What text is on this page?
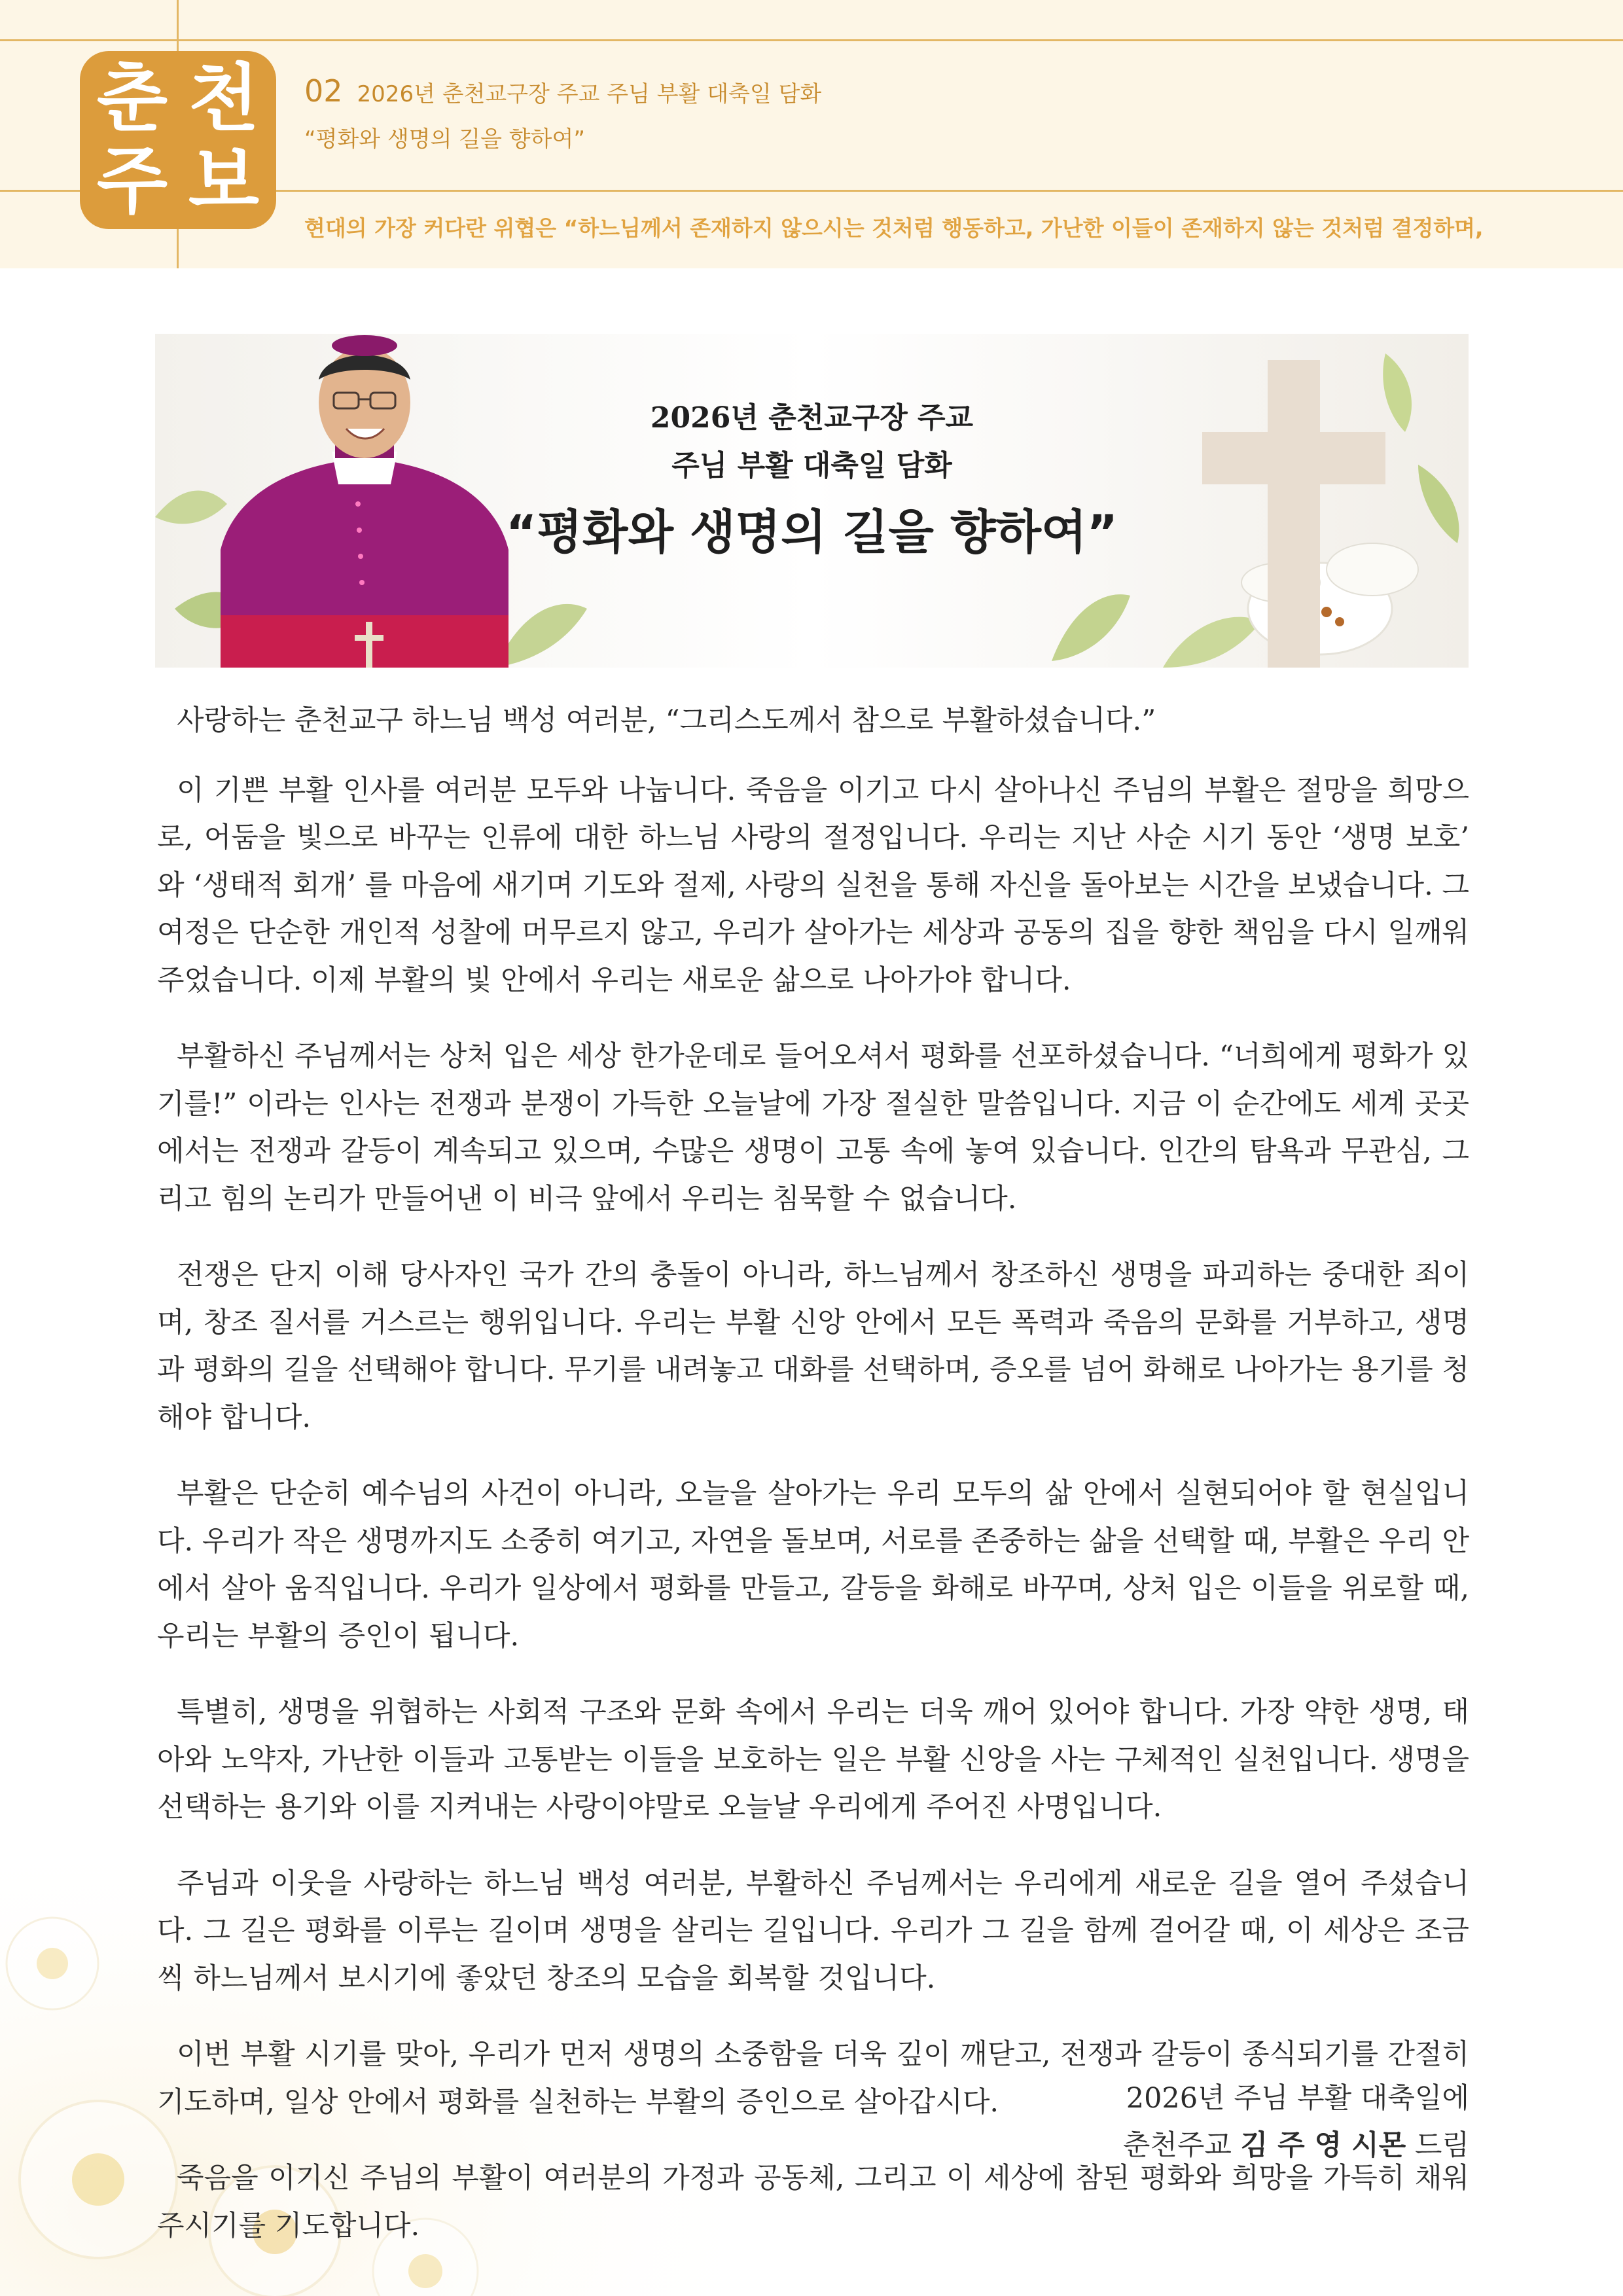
춘 천
주 보
02 2026년 춘천교구장 주교 주님 부활 대축일 담화
“평화와 생명의 길을 향하여”
현대의 가장 커다란 위협은 “하느님께서 존재하지 않으시는 것처럼 행동하고, 가난한 이들이 존재하지 않는 것처럼 결정하며,
2026년 춘천교구장 주교
주님 부활 대축일 담화
“평화와 생명의 길을 향하여”

사랑하는 춘천교구 하느님 백성 여러분, “그리스도께서 참으로 부활하셨습니다.”

이 기쁜 부활 인사를 여러분 모두와 나눕니다. 죽음을 이기고 다시 살아나신 주님의 부활은 절망을 희망으로, 어둠을 빛으로 바꾸는 인류에 대한 하느님 사랑의 절정입니다. 우리는 지난 사순 시기 동안 ‘생명 보호’ 와 ‘생태적 회개’ 를 마음에 새기며 기도와 절제, 사랑의 실천을 통해 자신을 돌아보는 시간을 보냈습니다. 그 여정은 단순한 개인적 성찰에 머무르지 않고, 우리가 살아가는 세상과 공동의 집을 향한 책임을 다시 일깨워 주었습니다. 이제 부활의 빛 안에서 우리는 새로운 삶으로 나아가야 합니다.

부활하신 주님께서는 상처 입은 세상 한가운데로 들어오셔서 평화를 선포하셨습니다. “너희에게 평화가 있기를!” 이라는 인사는 전쟁과 분쟁이 가득한 오늘날에 가장 절실한 말씀입니다. 지금 이 순간에도 세계 곳곳에서는 전쟁과 갈등이 계속되고 있으며, 수많은 생명이 고통 속에 놓여 있습니다. 인간의 탐욕과 무관심, 그리고 힘의 논리가 만들어낸 이 비극 앞에서 우리는 침묵할 수 없습니다.

전쟁은 단지 이해 당사자인 국가 간의 충돌이 아니라, 하느님께서 창조하신 생명을 파괴하는 중대한 죄이며, 창조 질서를 거스르는 행위입니다. 우리는 부활 신앙 안에서 모든 폭력과 죽음의 문화를 거부하고, 생명과 평화의 길을 선택해야 합니다. 무기를 내려놓고 대화를 선택하며, 증오를 넘어 화해로 나아가는 용기를 청해야 합니다.

부활은 단순히 예수님의 사건이 아니라, 오늘을 살아가는 우리 모두의 삶 안에서 실현되어야 할 현실입니다. 우리가 작은 생명까지도 소중히 여기고, 자연을 돌보며, 서로를 존중하는 삶을 선택할 때, 부활은 우리 안에서 살아 움직입니다. 우리가 일상에서 평화를 만들고, 갈등을 화해로 바꾸며, 상처 입은 이들을 위로할 때, 우리는 부활의 증인이 됩니다.

특별히, 생명을 위협하는 사회적 구조와 문화 속에서 우리는 더욱 깨어 있어야 합니다. 가장 약한 생명, 태아와 노약자, 가난한 이들과 고통받는 이들을 보호하는 일은 부활 신앙을 사는 구체적인 실천입니다. 생명을 선택하는 용기와 이를 지켜내는 사랑이야말로 오늘날 우리에게 주어진 사명입니다.

주님과 이웃을 사랑하는 하느님 백성 여러분, 부활하신 주님께서는 우리에게 새로운 길을 열어 주셨습니다. 그 길은 평화를 이루는 길이며 생명을 살리는 길입니다. 우리가 그 길을 함께 걸어갈 때, 이 세상은 조금씩 하느님께서 보시기에 좋았던 창조의 모습을 회복할 것입니다.

이번 부활 시기를 맞아, 우리가 먼저 생명의 소중함을 더욱 깊이 깨닫고, 전쟁과 갈등이 종식되기를 간절히 기도하며, 일상 안에서 평화를 실천하는 부활의 증인으로 살아갑시다.

죽음을 이기신 주님의 부활이 여러분의 가정과 공동체, 그리고 이 세상에 참된 평화와 희망을 가득히 채워 주시기를 기도합니다.

2026년 주님 부활 대축일에
춘천주교 김 주 영 시몬 드림
